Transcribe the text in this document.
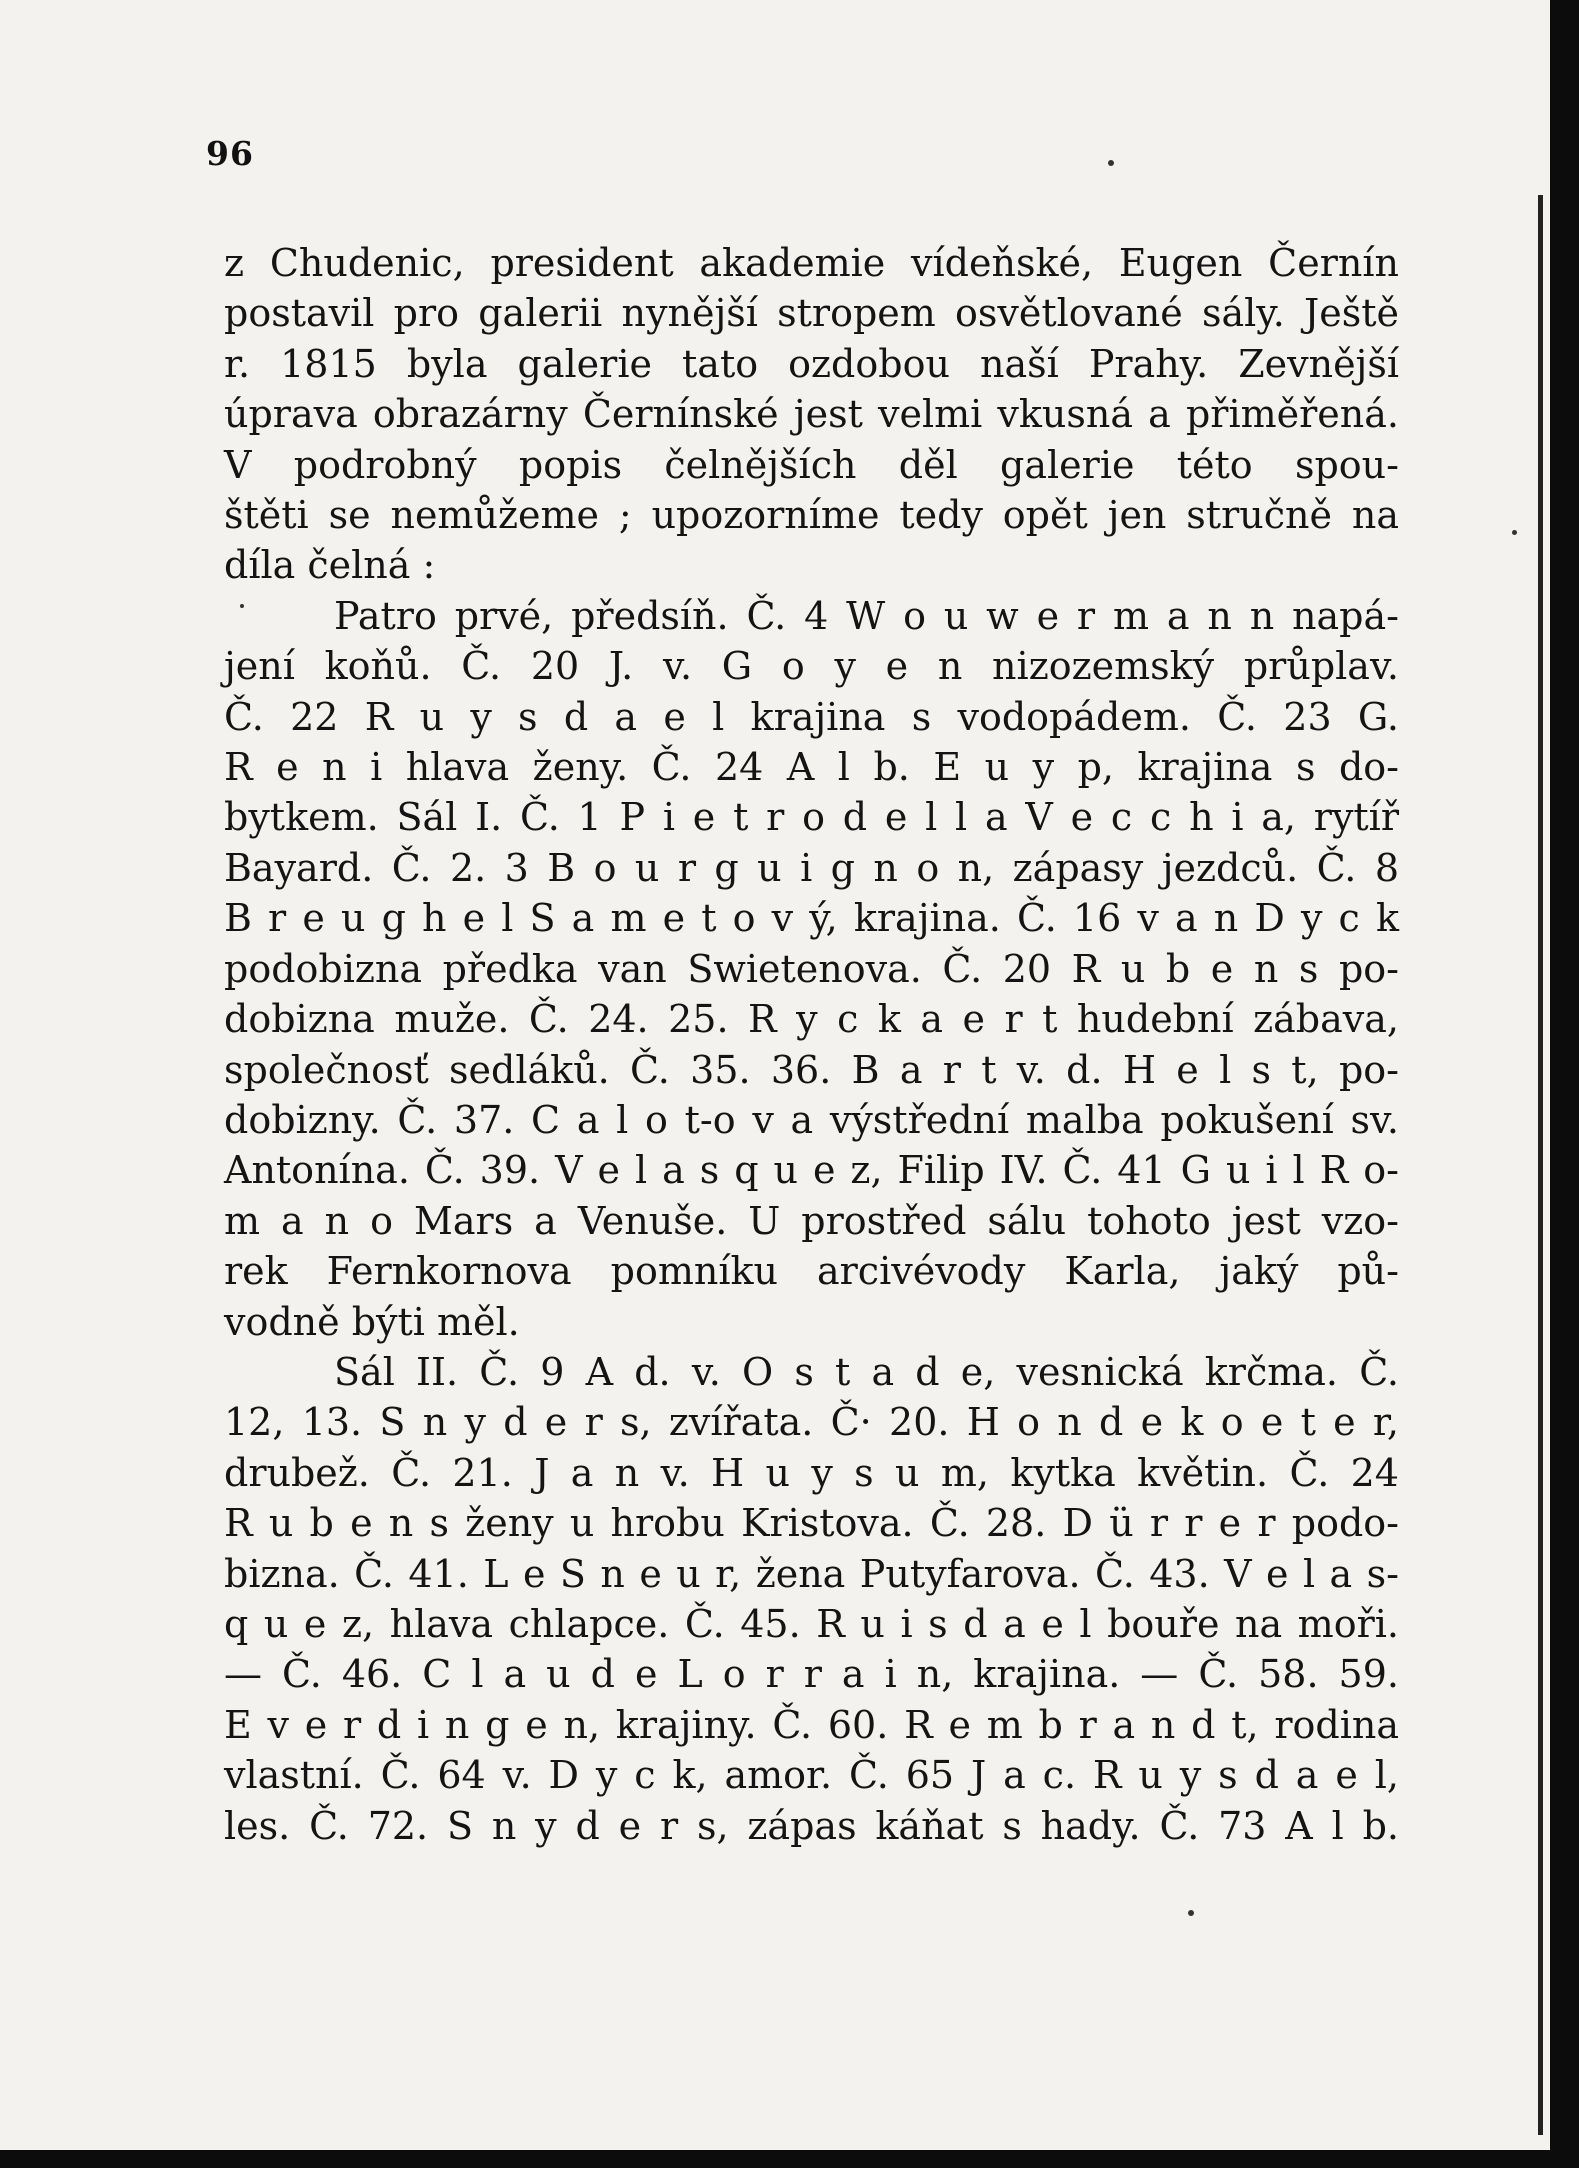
96
z Chudenic, president akademie vídeňské, Eugen Černín
postavil pro galerii nynější stropem osvětlované sály. Ještě
r. 1815 byla galerie tato ozdobou naší Prahy. Zevnější
úprava obrazárny Černínské jest velmi vkusná a přiměřená.
V podrobný popis čelnějších děl galerie této spou-
štěti se nemůžeme ; upozorníme tedy opět jen stručně na
díla čelná :
Patro prvé, předsíň. Č. 4 W o u w e r m a n n napá-
jení koňů. Č. 20 J. v. G o y e n nizozemský průplav.
Č. 22 R u y s d a e l krajina s vodopádem. Č. 23 G.
R e n i hlava ženy. Č. 24 A l b. E u y p, krajina s do-
bytkem. Sál I. Č. 1 P i e t r o d e l l a V e c c h i a, rytíř
Bayard. Č. 2. 3 B o u r g u i g n o n, zápasy jezdců. Č. 8
B r e u g h e l S a m e t o v ý, krajina. Č. 16 v a n D y c k
podobizna předka van Swietenova. Č. 20 R u b e n s po-
dobizna muže. Č. 24. 25. R y c k a e r t hudební zábava,
společnosť sedláků. Č. 35. 36. B a r t v. d. H e l s t, po-
dobizny. Č. 37. C a l o t-o v a výstřední malba pokušení sv.
Antonína. Č. 39. V e l a s q u e z, Filip IV. Č. 41 G u i l R o-
m a n o Mars a Venuše. U prostřed sálu tohoto jest vzo-
rek Fernkornova pomníku arcivévody Karla, jaký pů-
vodně býti měl.
Sál II. Č. 9 A d. v. O s t a d e, vesnická krčma. Č.
12, 13. S n y d e r s, zvířata. Č· 20. H o n d e k o e t e r,
drubež. Č. 21. J a n v. H u y s u m, kytka květin. Č. 24
R u b e n s ženy u hrobu Kristova. Č. 28. D ü r r e r podo-
bizna. Č. 41. L e S n e u r, žena Putyfarova. Č. 43. V e l a s-
q u e z, hlava chlapce. Č. 45. R u i s d a e l bouře na moři.
— Č. 46. C l a u d e L o r r a i n, krajina. — Č. 58. 59.
E v e r d i n g e n, krajiny. Č. 60. R e m b r a n d t, rodina
vlastní. Č. 64 v. D y c k, amor. Č. 65 J a c. R u y s d a e l,
les. Č. 72. S n y d e r s, zápas káňat s hady. Č. 73 A l b.
